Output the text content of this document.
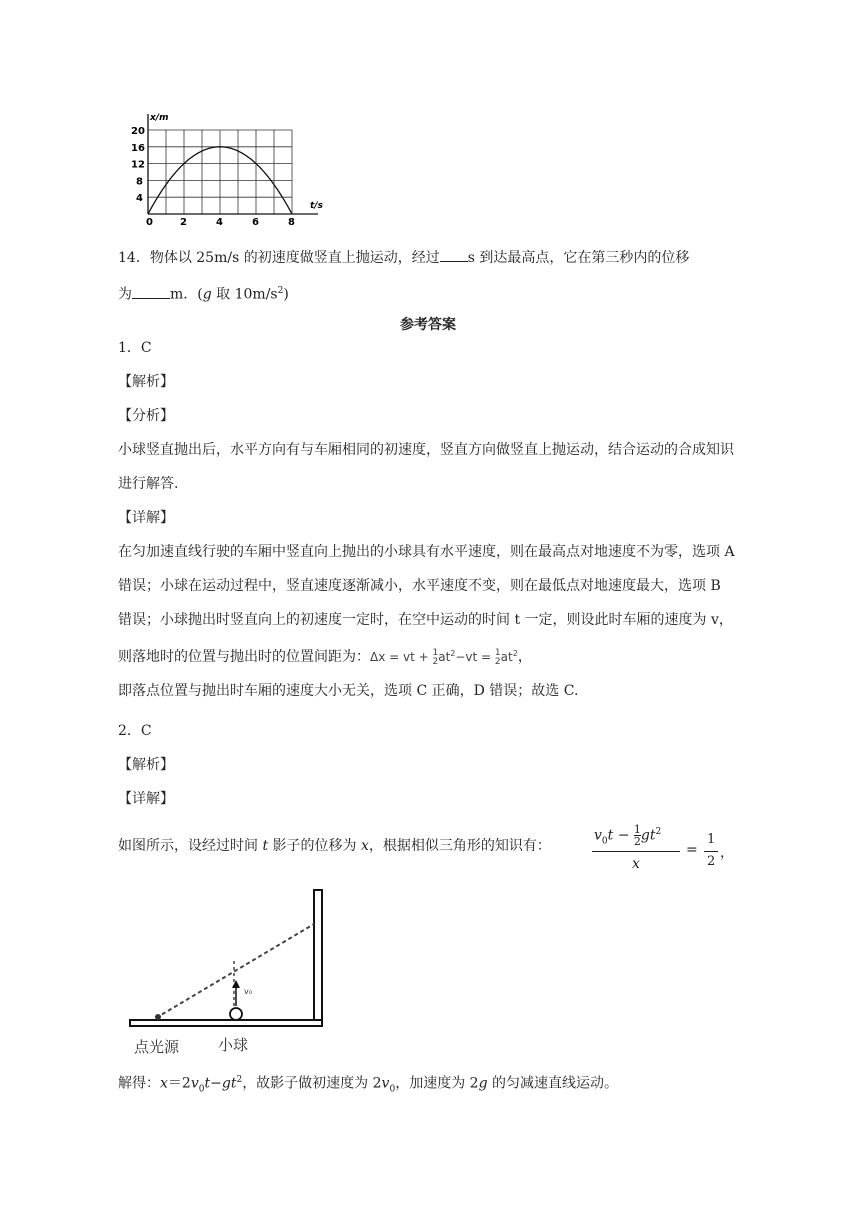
0	2	4	6	8
4
8
12
16
20
t/s
x/m
14．物体以 25m/s 的初速度做竖直上抛运动，经过 s 到达最高点，它在第三秒内的位移
为	m．(g 取 $10m/s^2$)
参考答案
1．C
【解析】
【分析】
小球竖直抛出后，水平方向有与车厢相同的初速度，竖直方向做竖直上抛运动，结合运动的合成知识进行解答.
【详解】
在匀加速直线行驶的车厢中竖直向上抛出的小球具有水平速度，则在最高点对地速度不为零，选项 A 错误；小球在运动过程中，竖直速度逐渐减小，水平速度不变，则在最低点对地速度最大，选项 B 错误；小球抛出时竖直向上的初速度一定时，在空中运动的时间 t 一定，则设此时车厢的速度为 v，则落地时的位置与抛出时的位置间距为：Δx = vt + 1
2 $at^2-vt = 1$
2 $at^2$，
即落点位置与抛出时车厢的速度大小无关，选项 C 正确，D 错误；故选 C.
2．C
【解析】
【详解】
如图所示，设经过时间 t 影子的位移为 x，根据相似三角形的知识有：
$v_0t - \frac{1}{2} gt^2$
x
=
1
2
，
解得：$x=2v_0t-gt^2$，故影子做初速度为 $2v_0$，加速度为 2g 的匀减速直线运动。
v₀
点光源	小球
